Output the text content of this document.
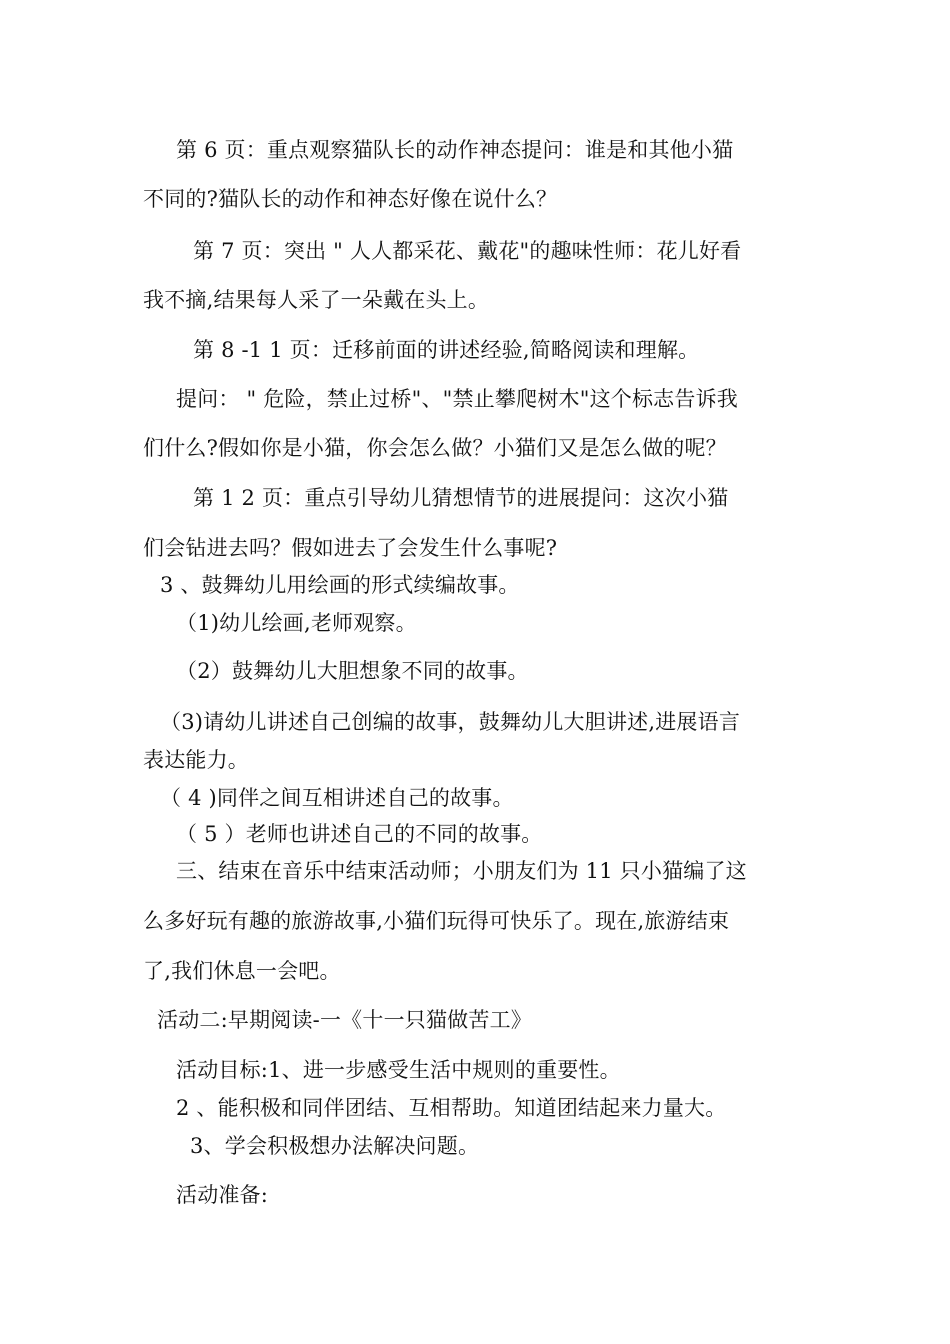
第 6 页：重点观察猫队长的动作神态提问：谁是和其他小猫
不同的?猫队长的动作和神态好像在说什么？
第 7 页：突出 " 人人都采花、戴花"的趣味性师：花儿好看
我不摘,结果每人采了一朵戴在头上。
第 8 -1 1 页：迁移前面的讲述经验,简略阅读和理解。
提问： " 危险，禁止过桥"、"禁止攀爬树木"这个标志告诉我
们什么?假如你是小猫，你会怎么做？小猫们又是怎么做的呢？
第 1 2 页：重点引导幼儿猜想情节的进展提问：这次小猫
们会钻进去吗？假如进去了会发生什么事呢?
3 、鼓舞幼儿用绘画的形式续编故事。
（1)幼儿绘画,老师观察。
（2）鼓舞幼儿大胆想象不同的故事。
（3)请幼儿讲述自己创编的故事，鼓舞幼儿大胆讲述,进展语言
表达能力。
（ 4 )同伴之间互相讲述自己的故事。
（ 5 ）老师也讲述自己的不同的故事。
三、结束在音乐中结束活动师；小朋友们为 11 只小猫编了这
么多好玩有趣的旅游故事,小猫们玩得可快乐了。现在,旅游结束
了,我们休息一会吧。
活动二:早期阅读-一《十一只猫做苦工》
活动目标:1、进一步感受生活中规则的重要性。
2 、能积极和同伴团结、互相帮助。知道团结起来力量大。
3、学会积极想办法解决问题。
活动准备:
